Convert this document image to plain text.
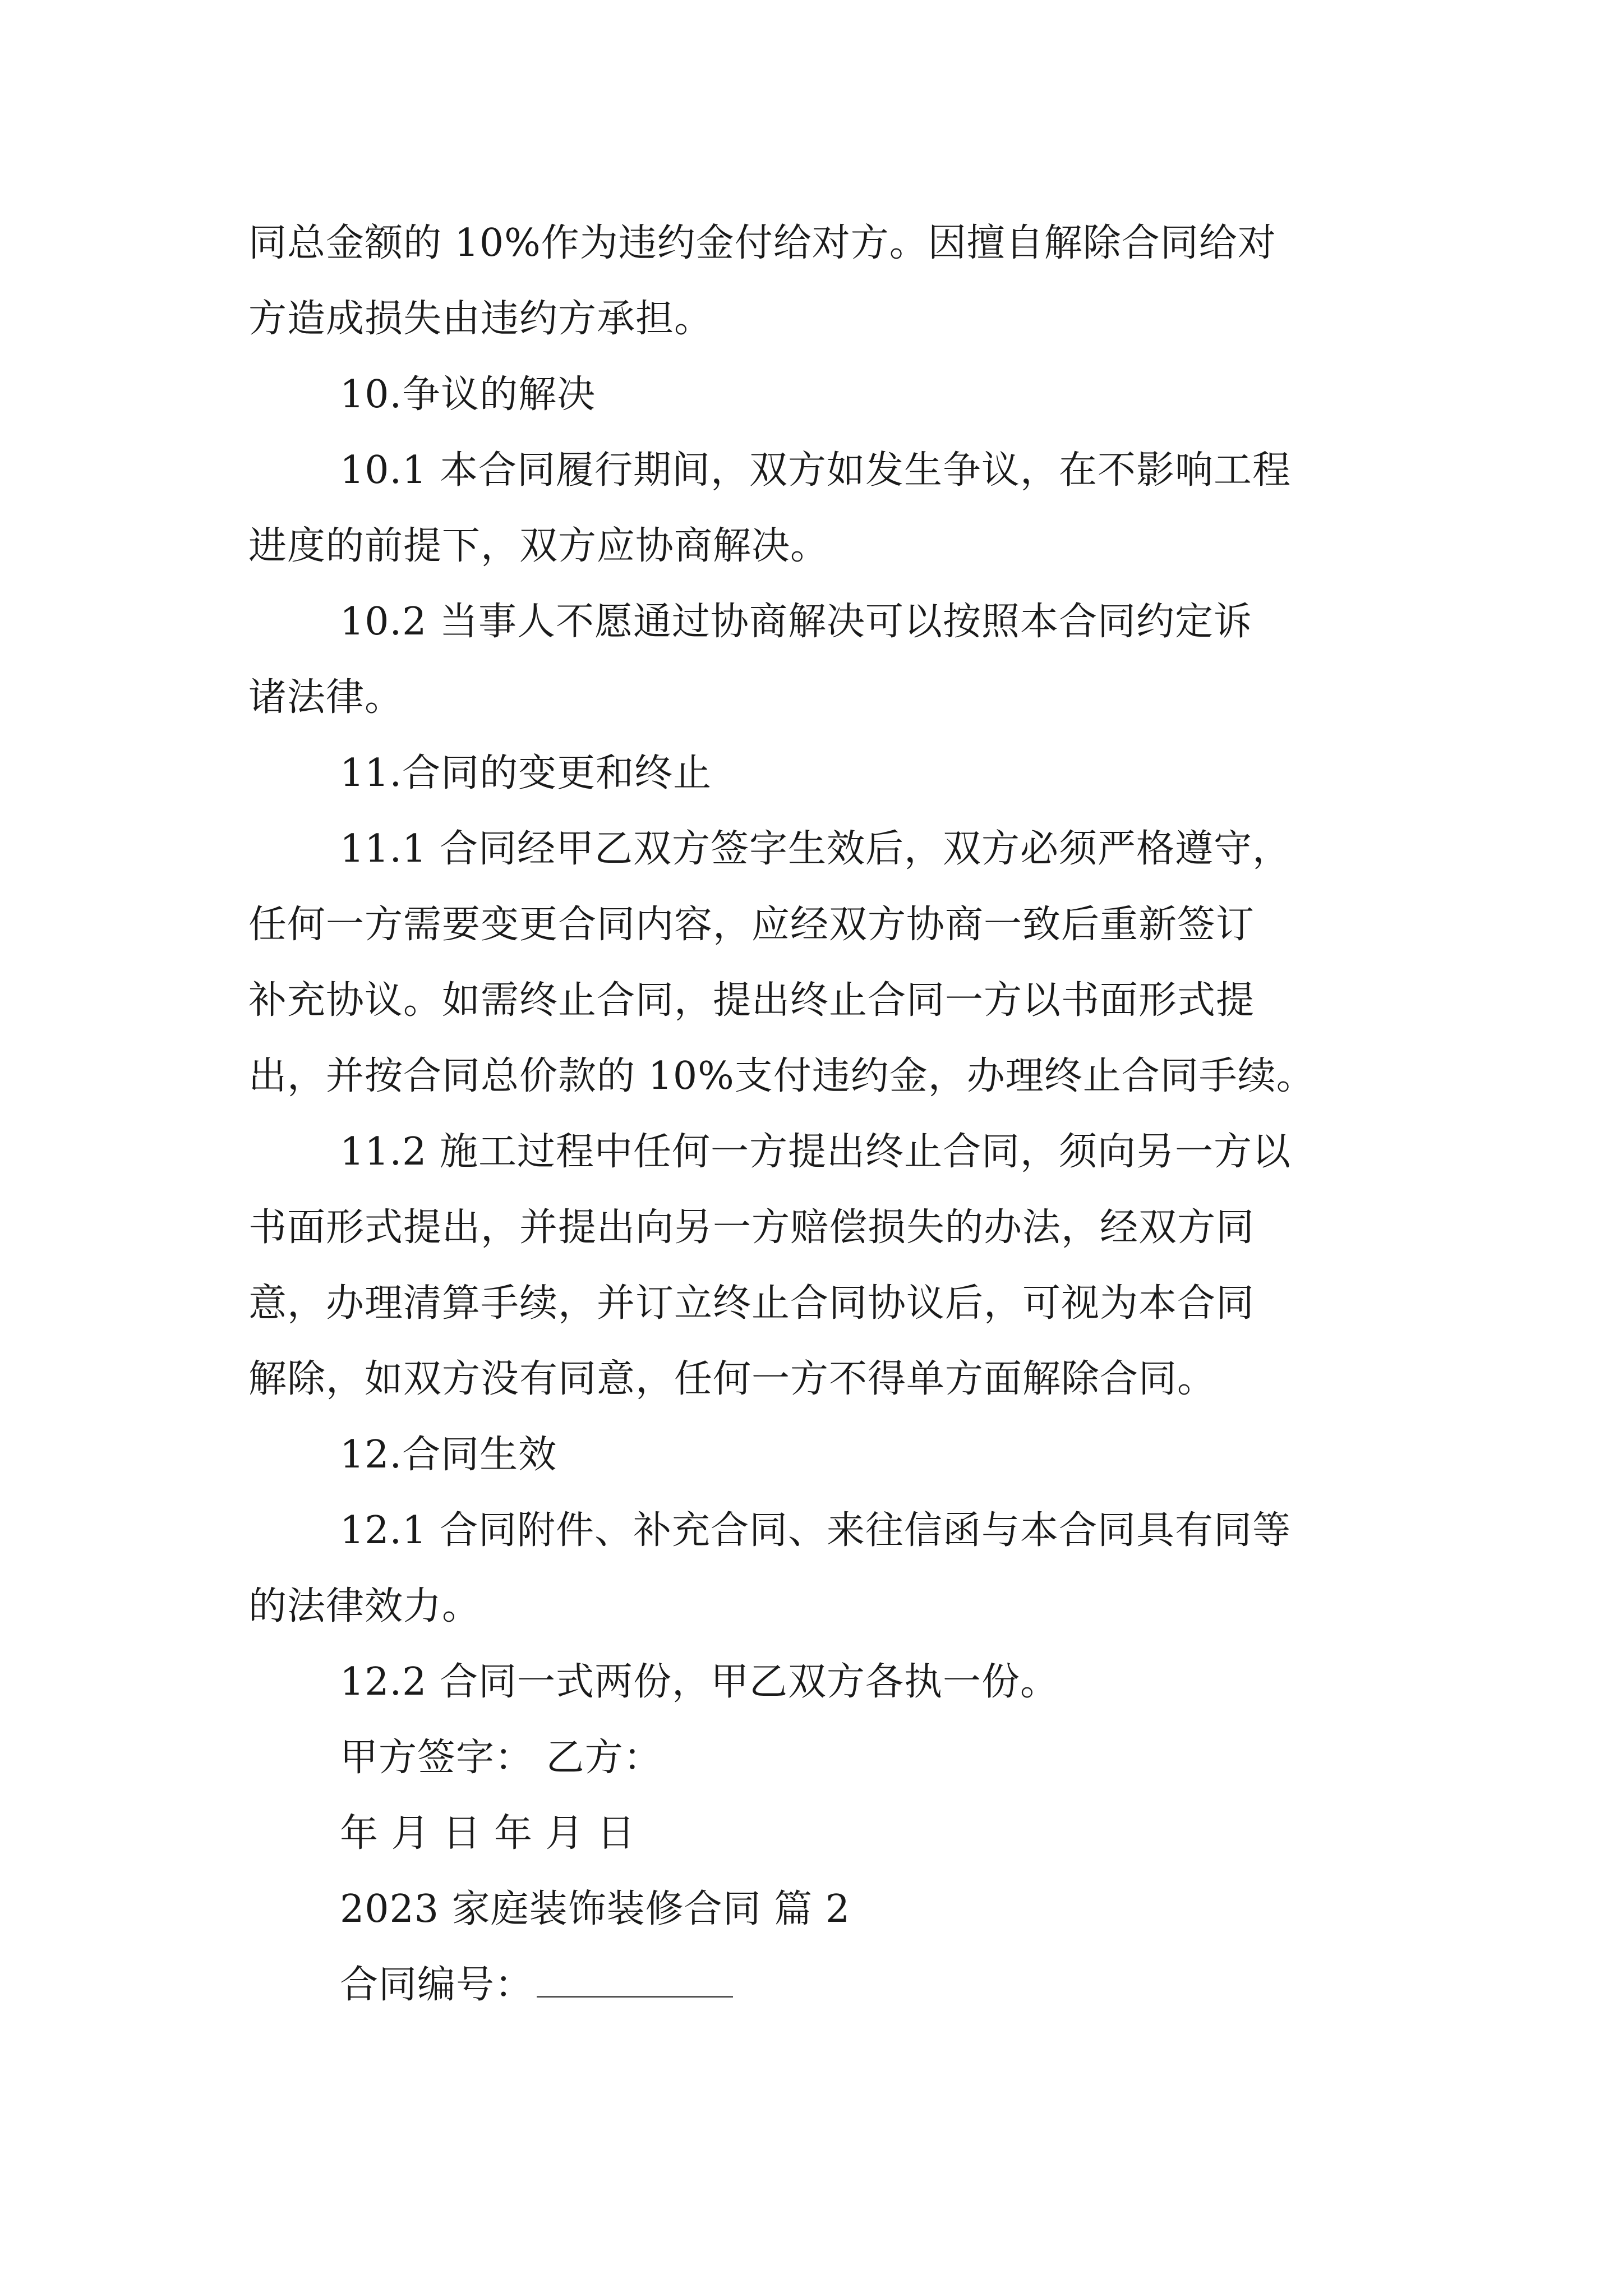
同总金额的 10%作为违约金付给对方。因擅自解除合同给对
方造成损失由违约方承担。
10.争议的解决
10.1 本合同履行期间，双方如发生争议，在不影响工程
进度的前提下，双方应协商解决。
10.2 当事人不愿通过协商解决可以按照本合同约定诉
诸法律。
11.合同的变更和终止
11.1 合同经甲乙双方签字生效后，双方必须严格遵守，
任何一方需要变更合同内容，应经双方协商一致后重新签订
补充协议。如需终止合同，提出终止合同一方以书面形式提
出，并按合同总价款的 10%支付违约金，办理终止合同手续。
11.2 施工过程中任何一方提出终止合同，须向另一方以
书面形式提出，并提出向另一方赔偿损失的办法，经双方同
意，办理清算手续，并订立终止合同协议后，可视为本合同
解除，如双方没有同意，任何一方不得单方面解除合同。
12.合同生效
12.1 合同附件、补充合同、来往信函与本合同具有同等
的法律效力。
12.2 合同一式两份，甲乙双方各执一份。
甲方签字： 乙方：
年 月 日 年 月 日
2023 家庭装饰装修合同 篇 2
合同编号：
